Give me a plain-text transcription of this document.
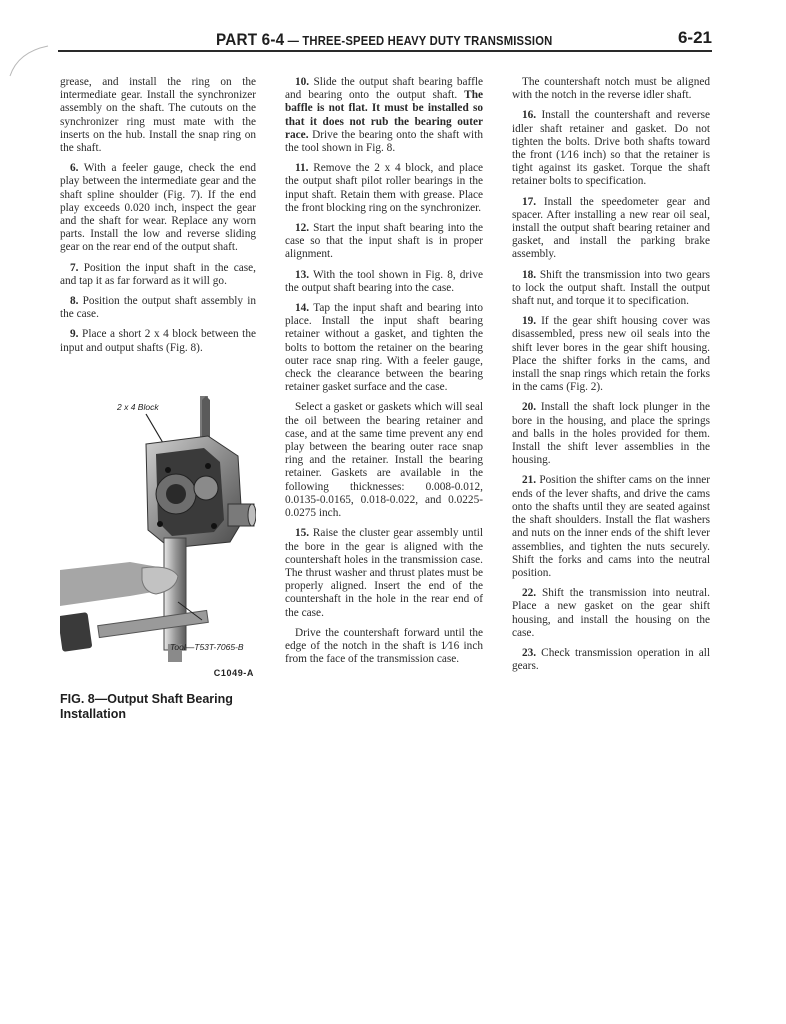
PART 6-4 — THREE-SPEED HEAVY DUTY TRANSMISSION	6-21

grease, and install the ring on the intermediate gear. Install the synchronizer assembly on the shaft. The cutouts on the synchronizer ring must mate with the inserts on the hub. Install the snap ring on the shaft.

6. With a feeler gauge, check the end play between the intermediate gear and the shaft spline shoulder (Fig. 7). If the end play exceeds 0.020 inch, inspect the gear and the shaft for wear. Replace any worn parts. Install the low and reverse sliding gear on the rear end of the output shaft.

7. Position the input shaft in the case, and tap it as far forward as it will go.

8. Position the output shaft assembly in the case.

9. Place a short 2 x 4 block between the input and output shafts (Fig. 8).

2 x 4 Block
Tool—T53T-7065-B
C1049-A
FIG. 8—Output Shaft Bearing Installation

10. Slide the output shaft bearing baffle and bearing onto the output shaft. The baffle is not flat. It must be installed so that it does not rub the bearing outer race. Drive the bearing onto the shaft with the tool shown in Fig. 8.

11. Remove the 2 x 4 block, and place the output shaft pilot roller bearings in the input shaft. Retain them with grease. Place the front blocking ring on the synchronizer.

12. Start the input shaft bearing into the case so that the input shaft is in proper alignment.

13. With the tool shown in Fig. 8, drive the output shaft bearing into the case.

14. Tap the input shaft and bearing into place. Install the input shaft bearing retainer without a gasket, and tighten the bolts to bottom the retainer on the bearing outer race snap ring. With a feeler gauge, check the clearance between the bearing retainer gasket surface and the case.

Select a gasket or gaskets which will seal the oil between the bearing retainer and case, and at the same time prevent any end play between the bearing outer race snap ring and the retainer. Install the bearing retainer. Gaskets are available in the following thicknesses: 0.008-0.012, 0.0135-0.0165, 0.018-0.022, and 0.0225-0.0275 inch.

15. Raise the cluster gear assembly until the bore in the gear is aligned with the countershaft holes in the transmission case. The thrust washer and thrust plates must be properly aligned. Insert the end of the countershaft in the hole in the rear end of the case.

Drive the countershaft forward until the edge of the notch in the shaft is 1⁄16 inch from the face of the transmission case.

The countershaft notch must be aligned with the notch in the reverse idler shaft.

16. Install the countershaft and reverse idler shaft retainer and gasket. Do not tighten the bolts. Drive both shafts toward the front (1⁄16 inch) so that the retainer is tight against its gasket. Torque the shaft retainer bolts to specification.

17. Install the speedometer gear and spacer. After installing a new rear oil seal, install the output shaft bearing retainer and gasket, and install the parking brake assembly.

18. Shift the transmission into two gears to lock the output shaft. Install the output shaft nut, and torque it to specification.

19. If the gear shift housing cover was disassembled, press new oil seals into the shift lever bores in the gear shift housing. Place the shifter forks in the cams, and install the snap rings which retain the forks in the cams (Fig. 2).

20. Install the shaft lock plunger in the bore in the housing, and place the springs and balls in the holes provided for them. Install the shift lever assemblies in the housing.

21. Position the shifter cams on the inner ends of the lever shafts, and drive the cams onto the shafts until they are seated against the shaft shoulders. Install the flat washers and nuts on the inner ends of the shift lever assemblies, and tighten the nuts securely. Shift the forks and cams into the neutral position.

22. Shift the transmission into neutral. Place a new gasket on the gear shift housing, and install the housing on the case.

23. Check transmission operation in all gears.
